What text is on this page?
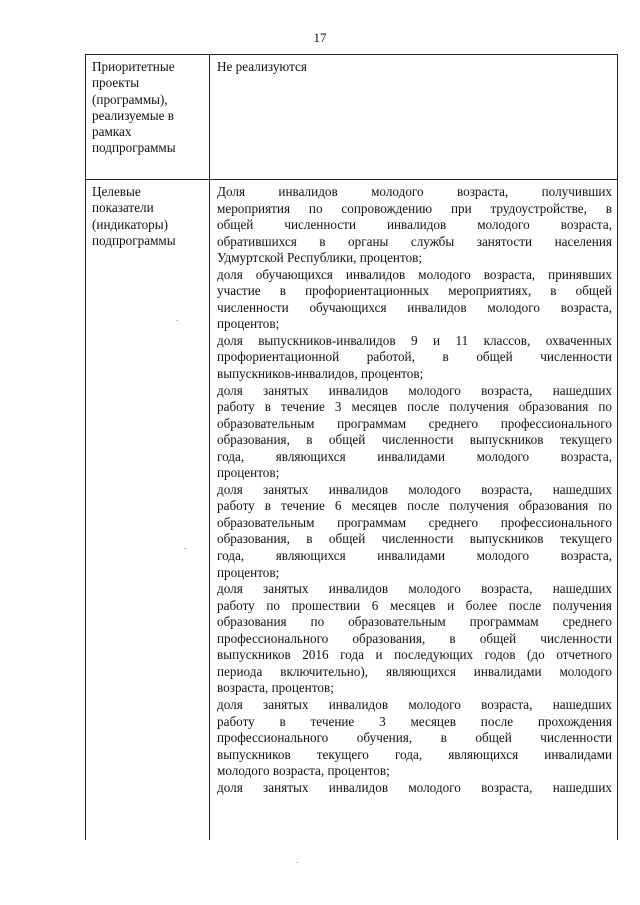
17
Приоритетные
проекты
(программы),
реализуемые в
рамках
подпрограммы
Не реализуются
Целевые
показатели
(индикаторы)
подпрограммы
Доля инвалидов молодого возраста, получивших
мероприятия по сопровождению при трудоустройстве, в
общей численности инвалидов молодого возраста,
обратившихся в органы службы занятости населения
Удмуртской Республики, процентов;
доля обучающихся инвалидов молодого возраста, принявших
участие в профориентационных мероприятиях, в общей
численности обучающихся инвалидов молодого возраста,
процентов;
доля выпускников-инвалидов 9 и 11 классов, охваченных
профориентационной работой, в общей численности
выпускников-инвалидов, процентов;
доля занятых инвалидов молодого возраста, нашедших
работу в течение 3 месяцев после получения образования по
образовательным программам среднего профессионального
образования, в общей численности выпускников текущего
года, являющихся инвалидами молодого возраста,
процентов;
доля занятых инвалидов молодого возраста, нашедших
работу в течение 6 месяцев после получения образования по
образовательным программам среднего профессионального
образования, в общей численности выпускников текущего
года, являющихся инвалидами молодого возраста,
процентов;
доля занятых инвалидов молодого возраста, нашедших
работу по прошествии 6 месяцев и более после получения
образования по образовательным программам среднего
профессионального образования, в общей численности
выпускников 2016 года и последующих годов (до отчетного
периода включительно), являющихся инвалидами молодого
возраста, процентов;
доля занятых инвалидов молодого возраста, нашедших
работу в течение 3 месяцев после прохождения
профессионального обучения, в общей численности
выпускников текущего года, являющихся инвалидами
молодого возраста, процентов;
доля занятых инвалидов молодого возраста, нашедших
